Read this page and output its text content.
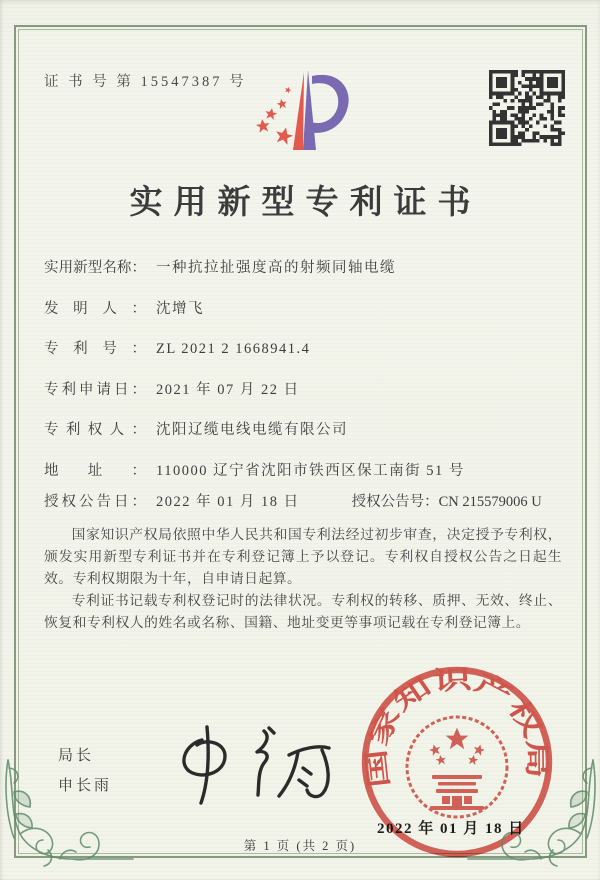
证 书 号 第 15547387 号
实用新型专利证书
实用新型名称： 一种抗拉扯强度高的射频同轴电缆
发明人： 沈增飞
专利号： ZL 2021 2 1668941.4
专利申请日： 2021 年 07 月 22 日
专利权人： 沈阳辽缆电线电缆有限公司
地址： 110000 辽宁省沈阳市铁西区保工南街 51 号
授权公告日： 2022 年 01 月 18 日	授权公告号：CN 215579006 U

国家知识产权局依照中华人民共和国专利法经过初步审查，决定授予专利权，颁发实用新型专利证书并在专利登记簿上予以登记。专利权自授权公告之日起生效。专利权期限为十年，自申请日起算。

专利证书记载专利权登记时的法律状况。专利权的转移、质押、无效、终止、恢复和专利权人的姓名或名称、国籍、地址变更等事项记载在专利登记簿上。

局长
申长雨	国家知识产权局
2022 年 01 月 18 日
第 1 页 (共 2 页)
